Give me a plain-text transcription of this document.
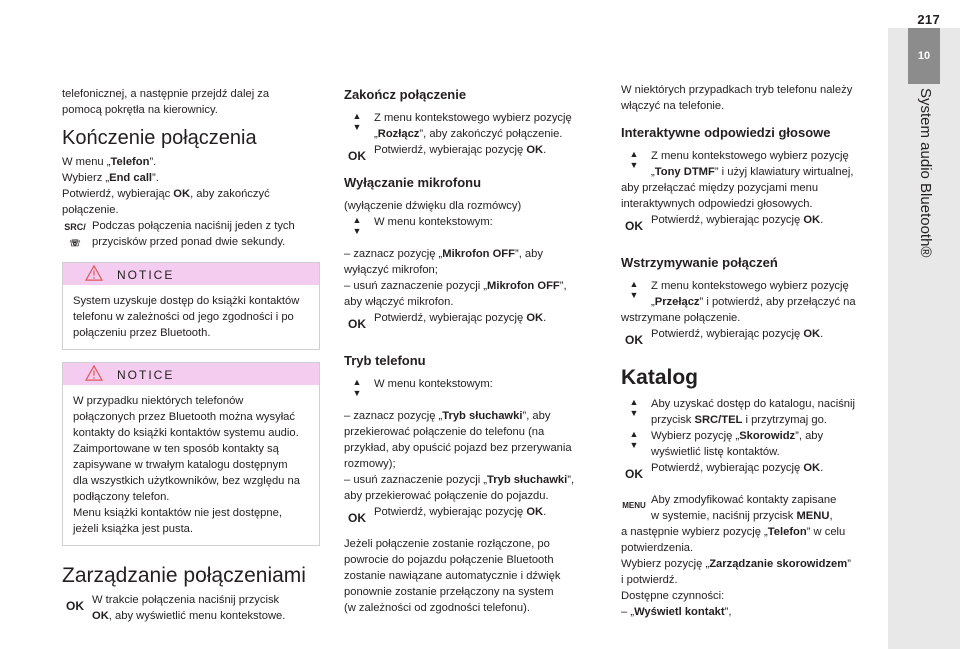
217
10
System audio Bluetooth®

telefonicznej, a następnie przejdź dalej za

pomocą pokrętła na kierownicy.

Kończenie połączenia

W menu „Telefon”.

Wybierz „End call”.

Potwierdź, wybierając OK, aby zakończyć

połączenie.

SRC/☏

Podczas połączenia naciśnij jeden z tych

przycisków przed ponad dwie sekundy.

NOTICE

System uzyskuje dostęp do książki kontaktów

telefonu w zależności od jego zgodności i po

połączeniu przez Bluetooth.

NOTICE

W przypadku niektórych telefonów

połączonych przez Bluetooth można wysyłać

kontakty do książki kontaktów systemu audio.

Zaimportowane w ten sposób kontakty są

zapisywane w trwałym katalogu dostępnym

dla wszystkich użytkowników, bez względu na

podłączony telefon.

Menu książki kontaktów nie jest dostępne,

jeżeli książka jest pusta.

Zarządzanie połączeniami
OK W trakcie połączenia naciśnij przycisk

OK, aby wyświetlić menu kontekstowe.

Zakończ połączenie
▲
▼

Z menu kontekstowego wybierz pozycję

„Rozłącz”, aby zakończyć połączenie.

OK Potwierdź, wybierając pozycję OK.

Wyłączanie mikrofonu

(wyłączenie dźwięku dla rozmówcy)

▲
▼

W menu kontekstowym:

– zaznacz pozycję „Mikrofon OFF”, aby

wyłączyć mikrofon;

– usuń zaznaczenie pozycji „Mikrofon OFF”,

aby włączyć mikrofon.

OK Potwierdź, wybierając pozycję OK.

Tryb telefonu
▲
▼

W menu kontekstowym:

– zaznacz pozycję „Tryb słuchawki”, aby

przekierować połączenie do telefonu (na

przykład, aby opuścić pojazd bez przerywania

rozmowy);

– usuń zaznaczenie pozycji „Tryb słuchawki”,

aby przekierować połączenie do pojazdu.

OK Potwierdź, wybierając pozycję OK.

Jeżeli połączenie zostanie rozłączone, po

powrocie do pojazdu połączenie Bluetooth

zostanie nawiązane automatycznie i dźwięk

ponownie zostanie przełączony na system

(w zależności od zgodności telefonu).

W niektórych przypadkach tryb telefonu należy

włączyć na telefonie.

Interaktywne odpowiedzi głosowe
▲
▼

Z menu kontekstowego wybierz pozycję

„Tony DTMF” i użyj klawiatury wirtualnej,

aby przełączać między pozycjami menu

interaktywnych odpowiedzi głosowych.

OK Potwierdź, wybierając pozycję OK.

Wstrzymywanie połączeń
▲
▼

Z menu kontekstowego wybierz pozycję

„Przełącz” i potwierdź, aby przełączyć na

wstrzymane połączenie.

OK Potwierdź, wybierając pozycję OK.

Katalog
▲
▼

Aby uzyskać dostęp do katalogu, naciśnij

przycisk SRC/TEL i przytrzymaj go.

▲
▼

Wybierz pozycję „Skorowidz”, aby

wyświetlić listę kontaktów.

OK Potwierdź, wybierając pozycję OK.

MENU Aby zmodyfikować kontakty zapisane

w systemie, naciśnij przycisk MENU,

a następnie wybierz pozycję „Telefon” w celu

potwierdzenia.

Wybierz pozycję „Zarządzanie skorowidzem”

i potwierdź.

Dostępne czynności:

– „Wyświetl kontakt”,
